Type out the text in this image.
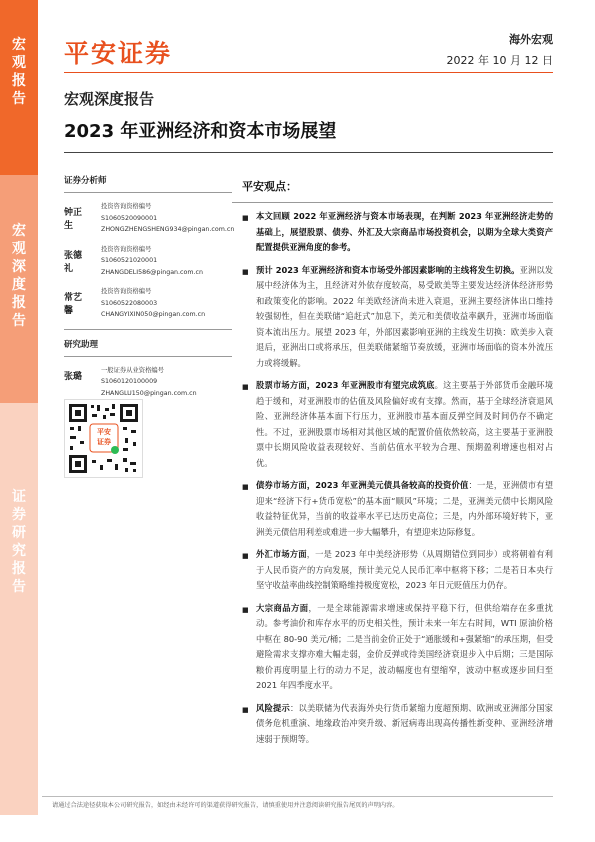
宏
观
报
告
宏
观
深
度
报
告
证
券
研
究
报
告
平安证券	海外宏观
2022 年 10 月 12 日
宏观深度报告
2023 年亚洲经济和资本市场展望
证券分析师
钟正生
投资咨询资格编号
S1060520090001
ZHONGZHENGSHENG934@pingan.com.cn
张德礼
投资咨询资格编号
S1060521020001
ZHANGDELI586@pingan.com.cn
常艺馨
投资咨询资格编号
S1060522080003
CHANGYIXIN050@pingan.com.cn
研究助理
张璐
一般证券从业资格编号
S1060120100009
ZHANGLU150@pingan.com.cn
平安
证券
平安观点：
■ 本文回顾 2022 年亚洲经济与资本市场表现，在判断 2023 年亚洲经济走势的基础上，展望股票、债券、外汇及大宗商品市场投资机会，以期为全球大类资产配置提供亚洲角度的参考。
■ 预计 2023 年亚洲经济和资本市场受外部因素影响的主线将发生切换。亚洲以发展中经济体为主，且经济对外依存度较高，易受欧美等主要发达经济体经济形势和政策变化的影响。2022 年美欧经济尚未进入衰退，亚洲主要经济体出口维持较强韧性，但在美联储“追赶式”加息下，美元和美债收益率飙升，亚洲市场面临资本流出压力。展望 2023 年，外部因素影响亚洲的主线发生切换：欧美步入衰退后，亚洲出口或将承压，但美联储紧缩节奏放缓，亚洲市场面临的资本外流压力或将缓解。
■ 股票市场方面，2023 年亚洲股市有望完成筑底。这主要基于外部货币金融环境趋于缓和，对亚洲股市的估值及风险偏好或有支撑。然而，基于全球经济衰退风险、亚洲经济体基本面下行压力，亚洲股市基本面反弹空间及时间仍存不确定性。不过，亚洲股票市场相对其他区域的配置价值依然较高，这主要基于亚洲股票中长期风险收益表现较好、当前估值水平较为合理、预期盈利增速也相对占优。
■ 债券市场方面，2023 年亚洲美元债具备较高的投资价值：一是，亚洲债市有望迎来“经济下行+货币宽松”的基本面“顺风”环境；二是，亚洲美元债中长期风险收益特征优异，当前的收益率水平已达历史高位；三是，内外部环境好转下，亚洲美元债信用利差或难进一步大幅攀升，有望迎来边际修复。
■ 外汇市场方面，一是 2023 年中美经济形势（从周期错位到同步）或将朝着有利于人民币资产的方向发展，预计美元兑人民币汇率中枢将下移；二是若日本央行坚守收益率曲线控制策略维持极度宽松，2023 年日元贬值压力仍存。
■ 大宗商品方面，一是全球能源需求增速或保持平稳下行，但供给端存在多重扰动。参考油价和库存水平的历史相关性，预计未来一年左右时间，WTI 原油价格中枢在 80-90 美元/桶；二是当前金价正处于“通胀缓和+强紧缩”的承压期，但受避险需求支撑亦难大幅走弱，金价反弹或待美国经济衰退步入中后期；三是国际粮价再度明显上行的动力不足，波动幅度也有望缩窄，波动中枢或逐步回归至 2021 年四季度水平。
■ 风险提示：以美联储为代表海外央行货币紧缩力度超预期、欧洲或亚洲部分国家债务危机重演、地缘政治冲突升级、新冠病毒出现高传播性新变种、亚洲经济增速弱于预期等。
请通过合法途径获取本公司研究报告，如经由未经许可的渠道获得研究报告，请慎重使用并注意阅读研究报告尾页的声明内容。
